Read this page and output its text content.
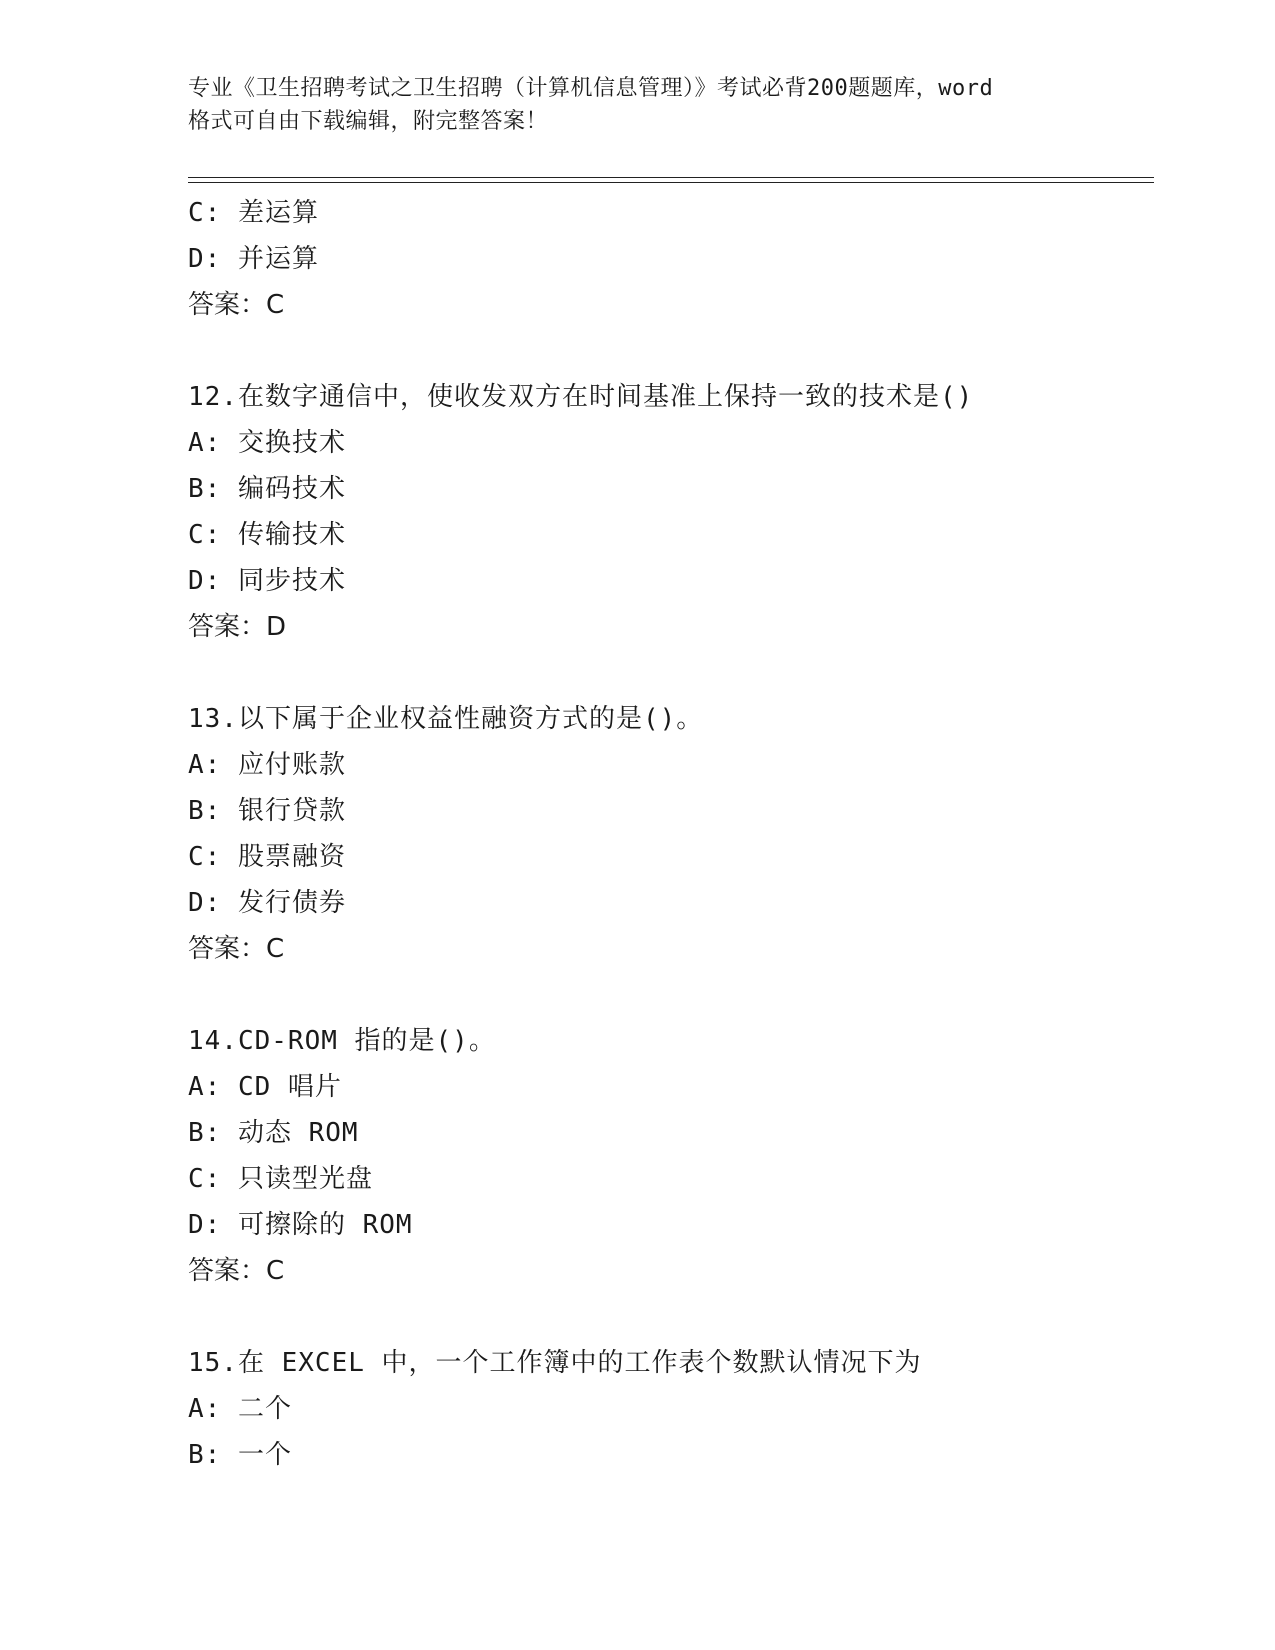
专业《卫生招聘考试之卫生招聘（计算机信息管理）》考试必背200题题库，word
格式可自由下载编辑，附完整答案！
C: 差运算
D: 并运算
答案：C
12.在数字通信中，使收发双方在时间基准上保持一致的技术是()
A: 交换技术
B: 编码技术
C: 传输技术
D: 同步技术
答案：D
13.以下属于企业权益性融资方式的是()。
A: 应付账款
B: 银行贷款
C: 股票融资
D: 发行债券
答案：C
14.CD-ROM 指的是()。
A: CD 唱片
B: 动态 ROM
C: 只读型光盘
D: 可擦除的 ROM
答案：C
15.在 EXCEL 中，一个工作簿中的工作表个数默认情况下为
A: 二个
B: 一个
